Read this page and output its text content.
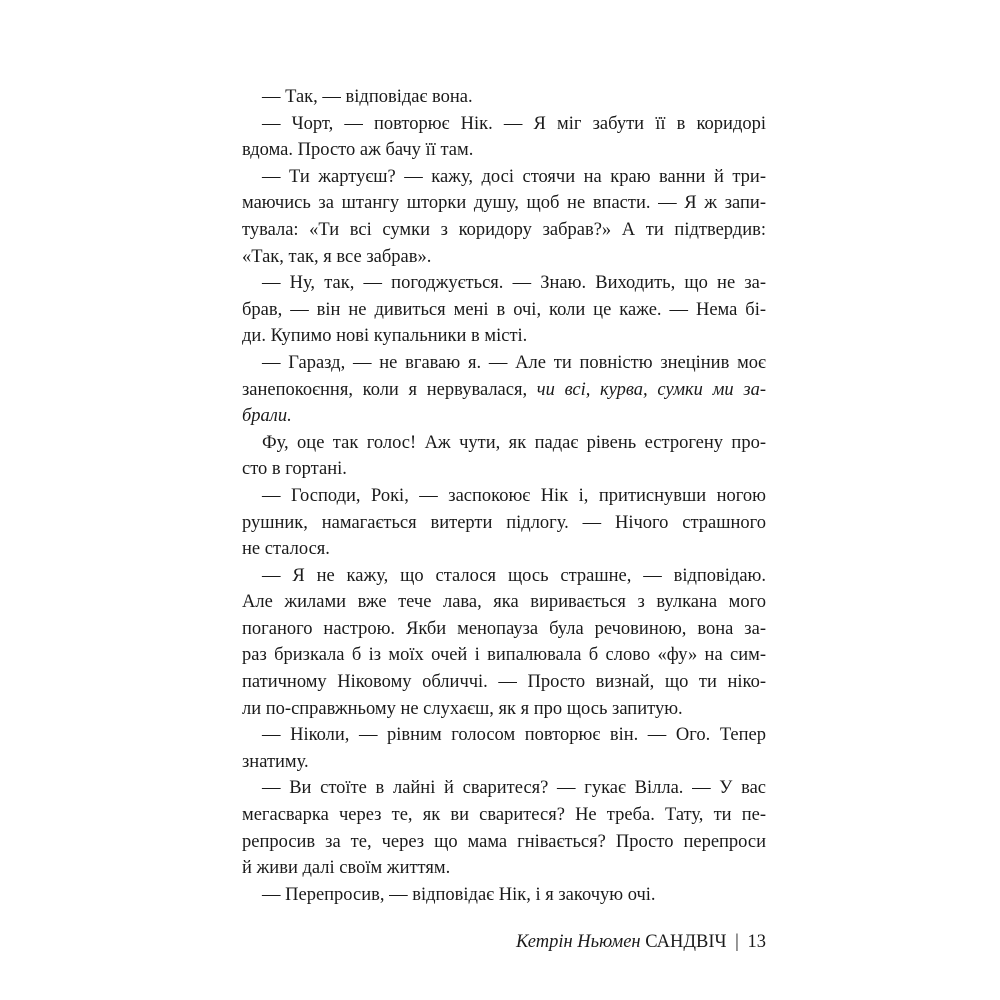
— Так, — відповідає вона.
— Чорт, — повторює Нік. — Я міг забути її в коридорі
вдома. Просто аж бачу її там.
— Ти жартуєш? — кажу, досі стоячи на краю ванни й три-
маючись за штангу шторки душу, щоб не впасти. — Я ж запи-
тувала: «Ти всі сумки з коридору забрав?» А ти підтвердив:
«Так, так, я все забрав».
— Ну, так, — погоджується. — Знаю. Виходить, що не за-
брав, — він не дивиться мені в очі, коли це каже. — Нема бі-
ди. Купимо нові купальники в місті.
— Гаразд, — не вгаваю я. — Але ти повністю знецінив моє
занепокоєння, коли я нервувалася, чи всі, курва, сумки ми за-
брали.
Фу, оце так голос! Аж чути, як падає рівень естрогену про-
сто в гортані.
— Господи, Рокі, — заспокоює Нік і, притиснувши ногою
рушник, намагається витерти підлогу. — Нічого страшного
не сталося.
— Я не кажу, що сталося щось страшне, — відповідаю.
Але жилами вже тече лава, яка виривається з вулкана мого
поганого настрою. Якби менопауза була речовиною, вона за-
раз бризкала б із моїх очей і випалювала б слово «фу» на сим-
патичному Ніковому обличчі. — Просто визнай, що ти ніко-
ли по-справжньому не слухаєш, як я про щось запитую.
— Ніколи, — рівним голосом повторює він. — Ого. Тепер
знатиму.
— Ви стоїте в лайні й сваритеся? — гукає Вілла. — У вас
мегасварка через те, як ви сваритеся? Не треба. Тату, ти пе-
репросив за те, через що мама гнівається? Просто перепроси
й живи далі своїм життям.
— Перепросив, — відповідає Нік, і я закочую очі.
Кетрін Ньюмен САНДВІЧ | 13
